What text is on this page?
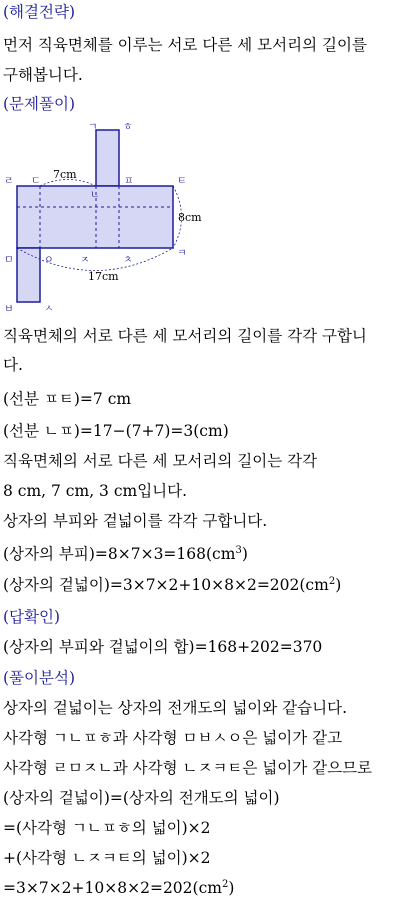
(해결전략)
먼저 직육면체를 이루는 서로 다른 세 모서리의 길이를
구해봅니다.
(문제풀이)
ㄱ	ㅎ
ㄹ ㄷ
ㄴ
ㅍ	ㅌ
ㅁ	ㅇ	ㅈ	ㅊ
ㅋ
ㅂ	ㅅ
7cm
8cm
17cm
직육면체의 서로 다른 세 모서리의 길이를 각각 구합니
다.
(선분 ㅍㅌ)=7 cm
(선분 ㄴㅍ)=17−(7+7)=3(cm)
직육면체의 서로 다른 세 모서리의 길이는 각각
8 cm, 7 cm, 3 cm입니다.
상자의 부피와 겉넓이를 각각 구합니다.
(상자의 부피)$=8\times 7\times 3=168(cm^3)$
(상자의 겉넓이)$=3\times 7\times 2+10\times 8\times 2=202(cm^2)$
(답확인)
(상자의 부피와 겉넓이의 합)=168+202=370
(풀이분석)
상자의 겉넓이는 상자의 전개도의 넓이와 같습니다.
사각형 ㄱㄴㅍㅎ과 사각형 ㅁㅂㅅㅇ은 넓이가 같고
사각형 ㄹㅁㅈㄴ과 사각형 ㄴㅈㅋㅌ은 넓이가 같으므로
(상자의 겉넓이)=(상자의 전개도의 넓이)
=(사각형 ㄱㄴㅍㅎ의 넓이)×2
+(사각형 ㄴㅈㅋㅌ의 넓이)×2
$=3\times 7\times 2+10\times 8\times 2=202(cm^2)$
